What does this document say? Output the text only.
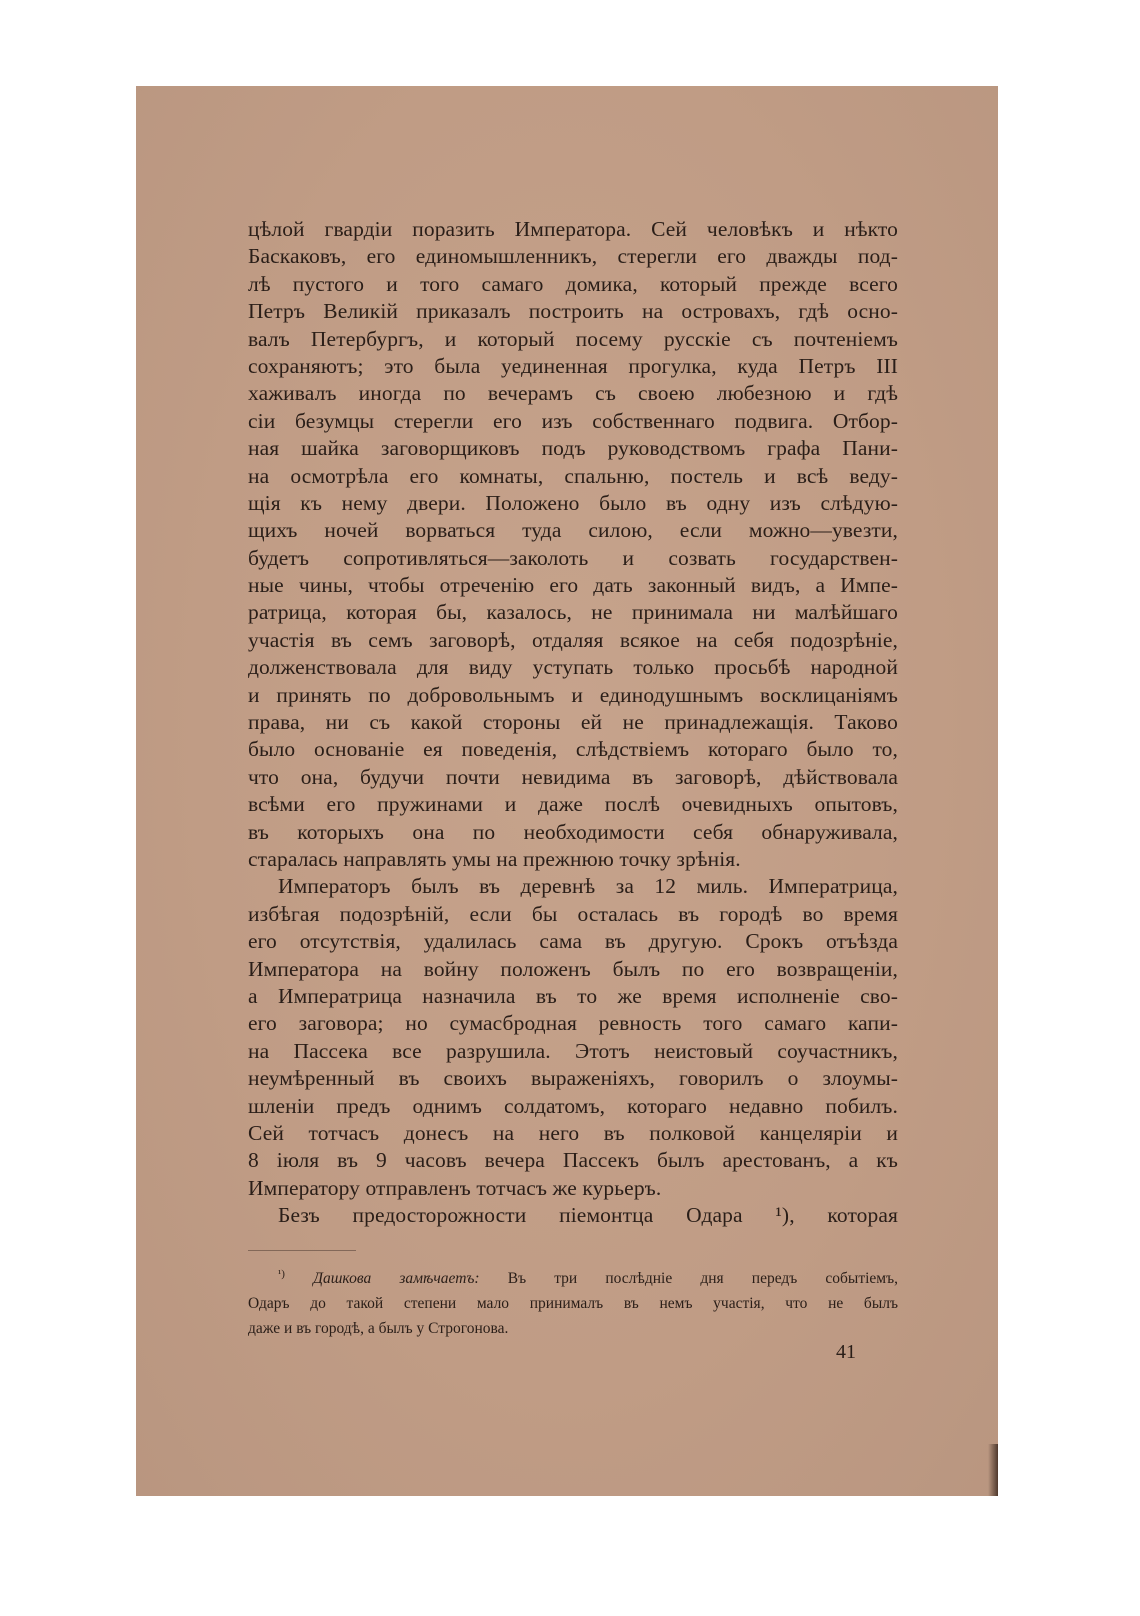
цѣлой гвардіи поразить Императора. Сей человѣкъ и нѣкто
Баскаковъ, его единомышленникъ, стерегли его дважды под-
лѣ пустого и того самаго домика, который прежде всего
Петръ Великій приказалъ построить на островахъ, гдѣ осно-
валъ Петербургъ, и который посему русскіе съ почтеніемъ
сохраняютъ; это была уединенная прогулка, куда Петръ III
хаживалъ иногда по вечерамъ съ своею любезною и гдѣ
сіи безумцы стерегли его изъ собственнаго подвига. Отбор-
ная шайка заговорщиковъ подъ руководствомъ графа Пани-
на осмотрѣла его комнаты, спальню, постель и всѣ веду-
щія къ нему двери. Положено было въ одну изъ слѣдую-
щихъ ночей ворваться туда силою, если можно—увезти,
будетъ сопротивляться—заколоть и созвать государствен-
ные чины, чтобы отреченію его дать законный видъ, а Импе-
ратрица, которая бы, казалось, не принимала ни малѣйшаго
участія въ семъ заговорѣ, отдаляя всякое на себя подозрѣніе,
долженствовала для виду уступать только просьбѣ народной
и принять по добровольнымъ и единодушнымъ восклицаніямъ
права, ни съ какой стороны ей не принадлежащія. Таково
было основаніе ея поведенія, слѣдствіемъ котораго было то,
что она, будучи почти невидима въ заговорѣ, дѣйствовала
всѣми его пружинами и даже послѣ очевидныхъ опытовъ,
въ которыхъ она по необходимости себя обнаруживала,
старалась направлять умы на прежнюю точку зрѣнія.
Императоръ былъ въ деревнѣ за 12 миль. Императрица,
избѣгая подозрѣній, если бы осталась въ городѣ во время
его отсутствія, удалилась сама въ другую. Срокъ отъѣзда
Императора на войну положенъ былъ по его возвращеніи,
а Императрица назначила въ то же время исполненіе сво-
его заговора; но сумасбродная ревность того самаго капи-
на Пассека все разрушила. Этотъ неистовый соучастникъ,
неумѣренный въ своихъ выраженіяхъ, говорилъ о злоумы-
шленіи предъ однимъ солдатомъ, котораго недавно побилъ.
Сей тотчасъ донесъ на него въ полковой канцеляріи и
8 іюля въ 9 часовъ вечера Пассекъ былъ арестованъ, а къ
Императору отправленъ тотчасъ же курьеръ.
Безъ предосторожности піемонтца Одара ¹), которая
$^{^1)}$ Дашкова замѣчаетъ: Въ три послѣдніе дня передъ событіемъ,
Одаръ до такой степени мало принималъ въ немъ участія, что не былъ
даже и въ городѣ, а былъ у Строгонова.
41
